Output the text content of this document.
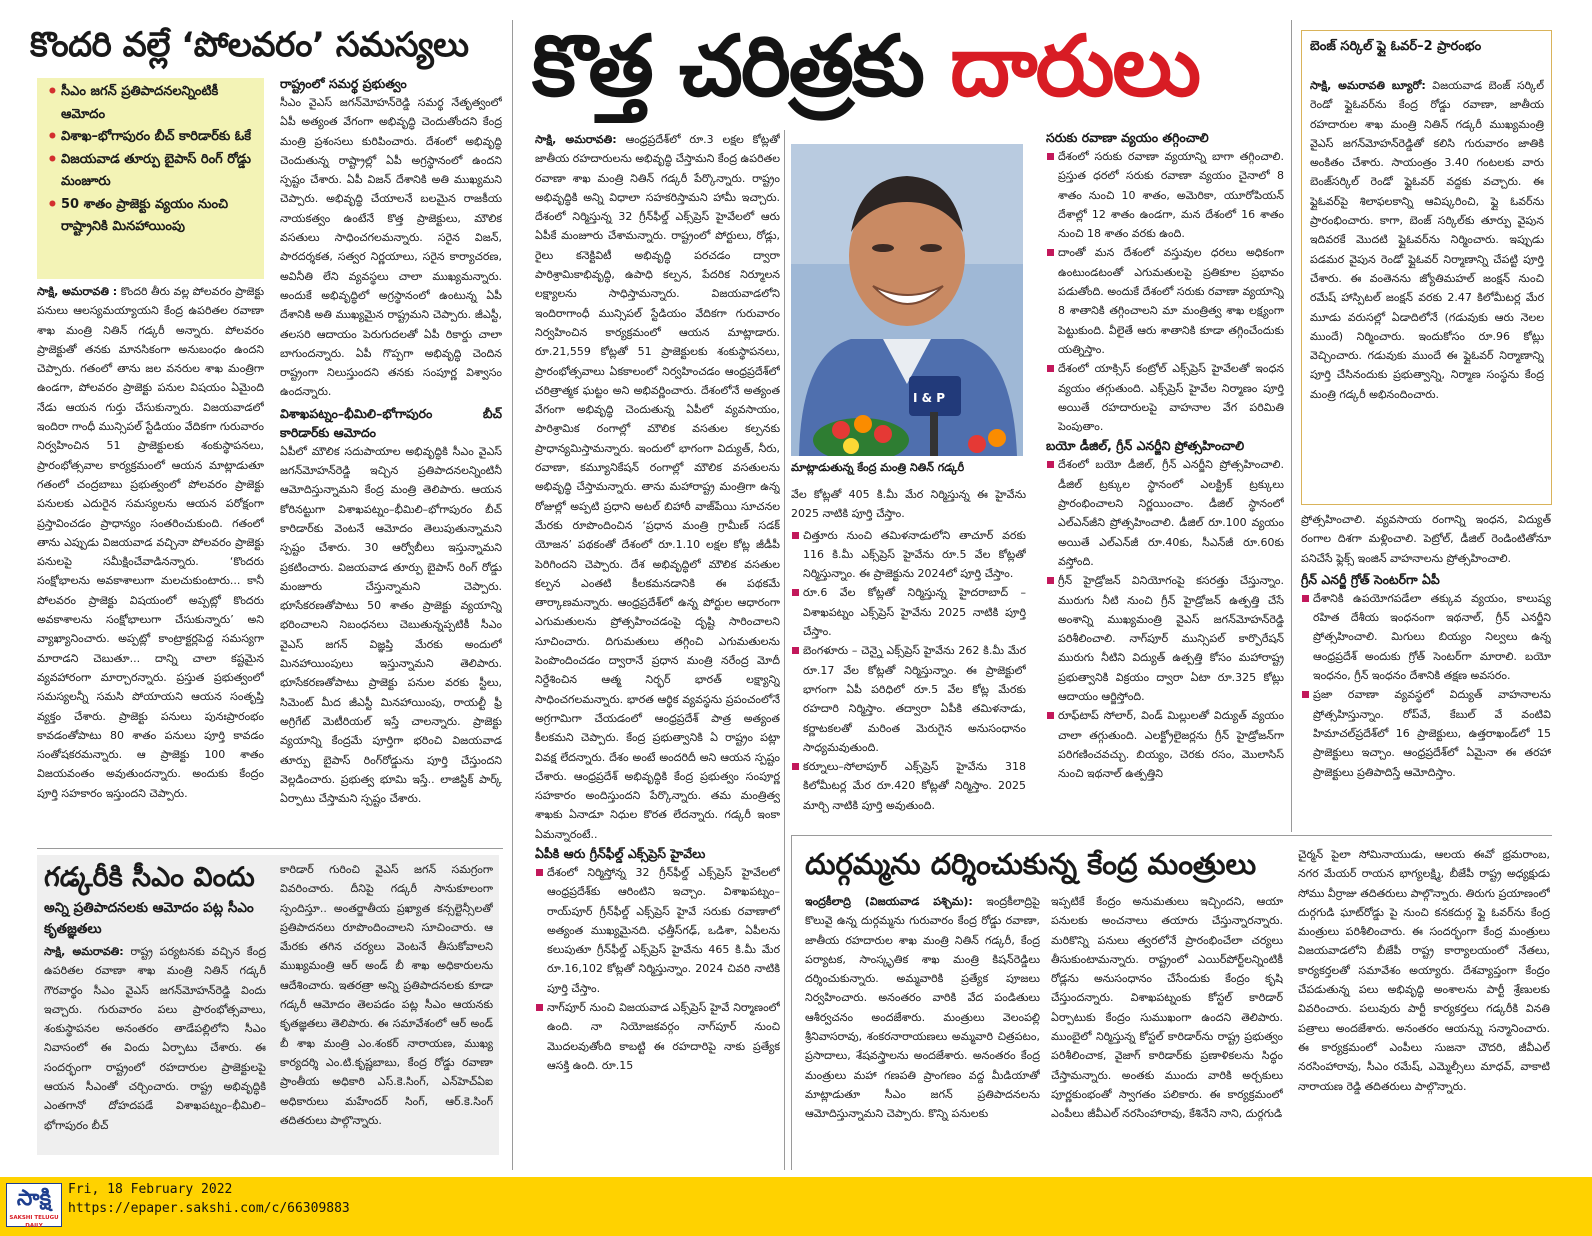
కొందరి వల్లే ‘పోలవరం’ సమస్యలు
• సీఎం జగన్‌ ప్రతిపాదనలన్నింటికీ ఆమోదం
• విశాఖ–భోగాపురం బీచ్‌ కారిడార్‌కు ఓకే
• విజయవాడ తూర్పు బైపాస్‌ రింగ్‌ రోడ్డు మంజూరు
• 50 శాతం ప్రాజెక్టు వ్యయం నుంచి రాష్ట్రానికి మినహాయింపు
సాక్షి, అమరావతి : కొందరి తీరు వల్ల పోలవరం ప్రాజెక్టు పనులు ఆలస్యమయ్యాయని కేంద్ర ఉపరితల రవాణా శాఖ మంత్రి నితిన్‌ గడ్కరీ అన్నారు. పోలవరం ప్రాజెక్టుతో తనకు మానసికంగా అనుబంధం ఉందని చెప్పారు. గతంలో తాను జల వనరుల శాఖ మంత్రిగా ఉండగా, పోలవరం ప్రాజెక్టు పనుల విషయం ఏమైంది నేడు ఆయన గుర్తు చేసుకున్నారు. విజయవాడలో ఇందిరా గాంధీ మున్సిపల్‌ స్టేడియం వేదికగా గురువారం నిర్వహించిన 51 ప్రాజెక్టులకు శంకుస్థాపనలు, ప్రారంభోత్సవాల కార్యక్రమంలో ఆయన మాట్లాడుతూ గతంలో చంద్రబాబు ప్రభుత్వంలో పోలవరం ప్రాజెక్టు పనులకు ఎదురైన సమస్యలను ఆయన పరోక్షంగా ప్రస్తావించడం ప్రాధాన్యం సంతరించుకుంది. గతంలో తాను ఎప్పుడు విజయవాడ వచ్చినా పోలవరం ప్రాజెక్టు పనులపై సమీక్షించేవాడినన్నారు. ‘కొందరు సంక్షోభాలను అవకాశాలుగా మలచుకుంటారు... కానీ పోలవరం ప్రాజెక్టు విషయంలో అప్పట్లో కొందరు అవకాశాలను సంక్షోభాలుగా చేసుకున్నారు’ అని వ్యాఖ్యానించారు. అప్పట్లో కాంట్రాక్టర్లపెద్ద సమస్యగా మారాడని చెబుతూ... దాన్ని చాలా కష్టమైన వ్యవహారంగా మార్చారన్నారు. ప్రస్తుత ప్రభుత్వంలో సమస్యలన్నీ సమసి పోయాయని ఆయన సంతృప్తి వ్యక్తం చేశారు. ప్రాజెక్టు పనులు పునఃప్రారంభం కావడంతోపాటు 80 శాతం పనులు పూర్తి కావడం సంతోషకరమన్నారు. ఆ ప్రాజెక్టు 100 శాతం విజయవంతం అవుతుందన్నారు. అందుకు కేంద్రం పూర్తి సహకారం ఇస్తుందని చెప్పారు.
రాష్ట్రంలో సమర్థ ప్రభుత్వం

సీఎం వైఎస్‌ జగన్‌మోహన్‌రెడ్డి సమర్థ నేతృత్వంలో ఏపీ అత్యంత వేగంగా అభివృద్ధి చెందుతోందని కేంద్ర మంత్రి ప్రశంసలు కురిపించారు. దేశంలో అభివృద్ధి చెందుతున్న రాష్ట్రాల్లో ఏపీ అగ్రస్థానంలో ఉందని స్పష్టం చేశారు. ఏపీ విజన్‌ దేశానికి అతి ముఖ్యమని చెప్పారు. అభివృద్ధి చేయాలనే బలమైన రాజకీయ నాయకత్వం ఉంటేనే కొత్త ప్రాజెక్టులు, మౌలిక వసతులు సాధించగలమన్నారు. సరైన విజన్, పారదర్శకత, సత్వర నిర్ణయాలు, సరైన కార్యాచరణ, అవినీతి లేని వ్యవస్థలు చాలా ముఖ్యమన్నారు. అందుకే అభివృద్ధిలో అగ్రస్థానంలో ఉంటున్న ఏపీ దేశానికి అతి ముఖ్యమైన రాష్ట్రమని చెప్పారు. జీఎస్టీ, తలసరి ఆదాయం పెరుగుదలతో ఏపీ రికార్డు చాలా బాగుందన్నారు. ఏపీ గొప్పగా అభివృద్ధి చెందిన రాష్ట్రంగా నిలుస్తుందని తనకు సంపూర్ణ విశ్వాసం ఉందన్నారు.

విశాఖపట్నం–భీమిలి–భోగాపురం బీచ్‌ కారిడార్‌కు ఆమోదం

ఏపీలో మౌలిక సదుపాయాల అభివృద్ధికి సీఎం వైఎస్‌ జగన్‌మోహన్‌రెడ్డి ఇచ్చిన ప్రతిపాదనలన్నింటినీ ఆమోదిస్తున్నామని కేంద్ర మంత్రి తెలిపారు. ఆయన కోరినట్టుగా విశాఖపట్నం–భీమిలి–భోగాపురం బీచ్‌ కారిడార్‌కు వెంటనే ఆమోదం తెలుపుతున్నామని స్పష్టం చేశారు. 30 ఆర్వోబీలు ఇస్తున్నామని ప్రకటించారు. విజయవాడ తూర్పు బైపాస్‌ రింగ్‌ రోడ్డు మంజూరు చేస్తున్నామని చెప్పారు. భూసేకరణతోపాటు 50 శాతం ప్రాజెక్టు వ్యయాన్ని భరించాలని నిబంధనలు చెబుతున్నప్పటికీ సీఎం వైఎస్‌ జగన్‌ విజ్ఞప్తి మేరకు అందులో మినహాయింపులు ఇస్తున్నామని తెలిపారు. భూసేకరణతోపాటు ప్రాజెక్టు పనుల వరకు స్టీలు, సిమెంట్‌ మీద జీఎస్టీ మినహాయింపు, రాయల్టీ ఫ్రీ అగ్రిగేట్‌ మెటీరియల్‌ ఇస్తే చాలన్నారు. ప్రాజెక్టు వ్యయాన్ని కేంద్రమే పూర్తిగా భరించి విజయవాడ తూర్పు బైపాస్‌ రింగ్‌రోడ్డును పూర్తి చేస్తుందని వెల్లడించారు. ప్రభుత్వ భూమి ఇస్తే.. లాజిస్టిక్‌ పార్క్‌ ఏర్పాటు చేస్తామని స్పష్టం చేశారు.

గడ్కరీకి సీఎం విందు
అన్ని ప్రతిపాదనలకు ఆమోదం పట్ల సీఎం కృతజ్ఞతలు
సాక్షి, అమరావతి: రాష్ట్ర పర్యటనకు వచ్చిన కేంద్ర ఉపరితల రవాణా శాఖ మంత్రి నితిన్‌ గడ్కరీ గౌరవార్థం సీఎం వైఎస్‌ జగన్‌మోహన్‌రెడ్డి విందు ఇచ్చారు. గురువారం పలు ప్రారంభోత్సవాలు, శంకుస్థాపనల అనంతరం తాడేపల్లిలోని సీఎం నివాసంలో ఈ విందు ఏర్పాటు చేశారు. ఈ సందర్భంగా రాష్ట్రంలో రహదారుల ప్రాజెక్టులపై ఆయన సీఎంతో చర్చించారు. రాష్ట్ర అభివృద్ధికి ఎంతగానో దోహదపడే విశాఖపట్నం–భీమిలి–భోగాపురం బీచ్‌

కారిడార్‌ గురించి వైఎస్‌ జగన్‌ సమగ్రంగా వివరించారు. దీనిపై గడ్కరీ సానుకూలంగా స్పందిస్తూ.. అంతర్జాతీయ ప్రఖ్యాత కన్సల్టెన్సీలతో ప్రతిపాదనలు రూపొందించాలని సూచించారు. ఆ మేరకు తగిన చర్యలు వెంటనే తీసుకోవాలని ముఖ్యమంత్రి ఆర్‌ అండ్‌ బీ శాఖ అధికారులను ఆదేశించారు. ఇతరత్రా అన్ని ప్రతిపాదనలకు కూడా గడ్కరీ ఆమోదం తెలపడం పట్ల సీఎం ఆయనకు కృతజ్ఞతలు తెలిపారు. ఈ సమావేశంలో ఆర్‌ అండ్‌ బీ శాఖ మంత్రి ఎం.శంకర్‌ నారాయణ, ముఖ్య కార్యదర్శి ఎం.టి.కృష్ణబాబు, కేంద్ర రోడ్డు రవాణా ప్రాంతీయ అధికారి ఎస్‌.కె.సింగ్, ఎన్‌హెచ్‌ఏఐ అధికారులు మహేందర్‌ సింగ్, ఆర్‌.కె.సింగ్‌ తదితరులు పాల్గొన్నారు.

కొత్త చరిత్రకు దారులు
సాక్షి, అమరావతి: ఆంధ్రప్రదేశ్‌లో రూ.3 లక్షల కోట్లతో జాతీయ రహదారులను అభివృద్ధి చేస్తామని కేంద్ర ఉపరితల రవాణా శాఖ మంత్రి నితిన్‌ గడ్కరీ పేర్కొన్నారు. రాష్ట్రం అభివృద్ధికి అన్ని విధాలా సహకరిస్తామని హామీ ఇచ్చారు. దేశంలో నిర్మిస్తున్న 32 గ్రీన్‌ఫీల్డ్‌ ఎక్స్‌ప్రెస్‌ హైవేలలో ఆరు ఏపీకే మంజూరు చేశామన్నారు. రాష్ట్రంలో పోర్టులు, రోడ్లు, రైలు కనెక్టివిటీ అభివృద్ధి పరచడం ద్వారా పారిశ్రామికాభివృద్ధి, ఉపాధి కల్పన, పేదరిక నిర్మూలన లక్ష్యాలను సాధిస్తామన్నారు. విజయవాడలోని ఇందిరాగాంధీ మున్సిపల్‌ స్టేడియం వేదికగా గురువారం నిర్వహించిన కార్యక్రమంలో ఆయన మాట్లాడారు. రూ.21,559 కోట్లతో 51 ప్రాజెక్టులకు శంకుస్థాపనలు, ప్రారంభోత్సవాలు ఏకకాలంలో నిర్వహించడం ఆంధ్రప్రదేశ్‌లో చరిత్రాత్మక ఘట్టం అని అభివర్ణించారు. దేశంలోనే అత్యంత వేగంగా అభివృద్ధి చెందుతున్న ఏపీలో వ్యవసాయం, పారిశ్రామిక రంగాల్లో మౌలిక వసతుల కల్పనకు ప్రాధాన్యమిస్తామన్నారు. ఇందులో భాగంగా విద్యుత్, నీరు, రవాణా, కమ్యూనికేషన్‌ రంగాల్లో మౌలిక వసతులను అభివృద్ధి చేస్తామన్నారు. తాను మహారాష్ట్ర మంత్రిగా ఉన్న రోజుల్లో అప్పటి ప్రధాని అటల్‌ బిహారీ వాజ్‌పేయి సూచనల మేరకు రూపొందించిన ‘ప్రధాన మంత్రి గ్రామీణ్‌ సడక్‌ యోజన’ పథకంతో దేశంలో రూ.1.10 లక్షల కోట్ల జీడీపీ పెరిగిందని చెప్పారు. దేశ అభివృద్ధిలో మౌలిక వసతుల కల్పన ఎంతటి కీలకమనడానికి ఈ పథకమే తార్కాణమన్నారు. ఆంధ్రప్రదేశ్‌లో ఉన్న పోర్టుల ఆధారంగా ఎగుమతులను ప్రోత్సహించడంపై దృష్టి సారించాలని సూచించారు. దిగుమతులు తగ్గించి ఎగుమతులను పెంపొందించడం ద్వారానే ప్రధాన మంత్రి నరేంద్ర మోదీ నిర్దేశించిన ఆత్మ నిర్భర్‌ భారత్‌ లక్ష్యాన్ని సాధించగలమన్నారు. భారత ఆర్థిక వ్యవస్థను ప్రపంచంలోనే అగ్రగామిగా చేయడంలో ఆంధ్రప్రదేశ్‌ పాత్ర అత్యంత కీలకమని చెప్పారు. కేంద్ర ప్రభుత్వానికి ఏ రాష్ట్రం పట్లా వివక్ష లేదన్నారు. దేశం అంటే అందరిదీ అని ఆయన స్పష్టం చేశారు. ఆంధ్రప్రదేశ్‌ అభివృద్ధికి కేంద్ర ప్రభుత్వం సంపూర్ణ సహకారం అందిస్తుందని పేర్కొన్నారు. తమ మంత్రిత్వ శాఖకు ఏనాడూ నిధుల కొరత లేదన్నారు. గడ్కరీ ఇంకా ఏమన్నారంటే..
ఏపీకి ఆరు గ్రీన్‌ఫీల్డ్‌ ఎక్స్‌ప్రెస్‌ హైవేలు
దేశంలో నిర్మిస్తోన్న 32 గ్రీన్‌ఫీల్డ్‌ ఎక్స్‌ప్రెస్‌ హైవేలలో ఆంధ్రప్రదేశ్‌కు ఆరింటిని ఇచ్చాం. విశాఖపట్నం–రాయ్‌పూర్‌ గ్రీన్‌ఫీల్డ్‌ ఎక్స్‌ప్రెస్‌ హైవే సరుకు రవాణాలో అత్యంత ముఖ్యమైనది. ఛత్తీస్‌గఢ్, ఒడిశా, ఏపీలను కలుపుతూ గ్రీన్‌ఫీల్డ్‌ ఎక్స్‌ప్రెస్‌ హైవేను 465 కి.మీ మేర రూ.16,102 కోట్లతో నిర్మిస్తున్నాం. 2024 చివరి నాటికి పూర్తి చేస్తాం.
నాగ్‌పూర్‌ నుంచి విజయవాడ ఎక్స్‌ప్రెస్‌ హైవే నిర్మాణంలో ఉంది. నా నియోజకవర్గం నాగ్‌పూర్‌ నుంచి మొదలవుతోంది కాబట్టి ఈ రహదారిపై నాకు ప్రత్యేక ఆసక్తి ఉంది. రూ.15
I & P
మాట్లాడుతున్న కేంద్ర మంత్రి నితిన్‌ గడ్కరీ

వేల కోట్లతో 405 కి.మీ మేర నిర్మిస్తున్న ఈ హైవేను 2025 నాటికి పూర్తి చేస్తాం.

చిత్తూరు నుంచి తమిళనాడులోని తాచూర్‌ వరకు 116 కి.మీ ఎక్స్‌ప్రెస్‌ హైవేను రూ.5 వేల కోట్లతో నిర్మిస్తున్నాం. ఈ ప్రాజెక్టును 2024లో పూర్తి చేస్తాం.
రూ.6 వేల కోట్లతో నిర్మిస్తున్న హైదరాబాద్‌ – విశాఖపట్నం ఎక్స్‌ప్రెస్‌ హైవేను 2025 నాటికి పూర్తి చేస్తాం.
బెంగళూరు – చెన్నై ఎక్స్‌ప్రెస్‌ హైవేను 262 కి.మీ మేర రూ.17 వేల కోట్లతో నిర్మిస్తున్నాం. ఈ ప్రాజెక్టులో భాగంగా ఏపీ పరిధిలో రూ.5 వేల కోట్ల మేరకు రహదారి నిర్మిస్తాం. తద్వారా ఏపీకి తమిళనాడు, కర్ణాటకలతో మరింత మెరుగైన అనుసంధానం సాధ్యమవుతుంది.
కర్నూలు–సోలాపూర్‌ ఎక్స్‌ప్రెస్‌ హైవేను 318 కిలోమీటర్ల మేర రూ.420 కోట్లతో నిర్మిస్తాం. 2025 మార్చి నాటికి పూర్తి అవుతుంది.
సరుకు రవాణా వ్యయం తగ్గించాలి
దేశంలో సరుకు రవాణా వ్యయాన్ని బాగా తగ్గించాలి. ప్రస్తుత ధరలో సరుకు రవాణా వ్యయం చైనాలో 8 శాతం నుంచి 10 శాతం, అమెరికా, యూరోపియన్‌ దేశాల్లో 12 శాతం ఉండగా, మన దేశంలో 16 శాతం నుంచి 18 శాతం వరకు ఉంది.
దాంతో మన దేశంలో వస్తువుల ధరలు అధికంగా ఉంటుండటంతో ఎగుమతులపై ప్రతికూల ప్రభావం పడుతోంది. అందుకే దేశంలో సరుకు రవాణా వ్యయాన్ని 8 శాతానికి తగ్గించాలని మా మంత్రిత్వ శాఖ లక్ష్యంగా పెట్టుకుంది. వీలైతే ఆరు శాతానికి కూడా తగ్గించేందుకు యత్నిస్తాం.
దేశంలో యాక్సిస్‌ కంట్రోల్‌ ఎక్స్‌ప్రెస్‌ హైవేలతో ఇంధన వ్యయం తగ్గుతుంది. ఎక్స్‌ప్రెస్‌ హైవేల నిర్మాణం పూర్తి అయితే రహదారులపై వాహనాల వేగ పరిమితి పెంపుతాం.
బయో డీజిల్, గ్రీన్‌ ఎనర్జీని ప్రోత్సహించాలి
దేశంలో బయో డీజిల్, గ్రీన్‌ ఎనర్జీని ప్రోత్సహించాలి. డీజిల్‌ ట్రక్కుల స్థానంలో ఎలక్ట్రిక్‌ ట్రక్కులు ప్రారంభించాలని నిర్ణయించాం. డీజిల్‌ స్థానంలో ఎల్‌ఎన్‌జీని ప్రోత్సహించాలి. డీజిల్‌ రూ.100 వ్యయం అయితే ఎల్‌ఎన్‌జీ రూ.40కు, సీఎన్‌జీ రూ.60కు వస్తోంది.
గ్రీన్‌ హైడ్రోజన్‌ వినియోగంపై కసరత్తు చేస్తున్నాం. మురుగు నీటి నుంచి గ్రీన్‌ హైడ్రోజన్‌ ఉత్పత్తి చేసే అంశాన్ని ముఖ్యమంత్రి వైఎస్‌ జగన్‌మోహన్‌రెడ్డి పరిశీలించాలి. నాగ్‌పూర్‌ మున్సిపల్‌ కార్పొరేషన్‌ మురుగు నీటిని విద్యుత్‌ ఉత్పత్తి కోసం మహారాష్ట్ర ప్రభుత్వానికి విక్రయం ద్వారా ఏటా రూ.325 కోట్లు ఆదాయం ఆర్జిస్తోంది.
రూఫ్‌టాప్‌ సోలార్, విండ్‌ మిల్లులతో విద్యుత్‌ వ్యయం చాలా తగ్గుతుంది. ఎలక్ట్రోలైజర్లను గ్రీన్‌ హైడ్రోజన్‌గా పరిగణించవచ్చు. బియ్యం, చెరకు రసం, మొలాసిస్‌ నుంచి ఇథనాల్‌ ఉత్పత్తిని
బెంజ్‌ సర్కిల్‌ ఫ్లై ఓవర్‌–2 ప్రారంభం
సాక్షి, అమరావతి బ్యూరో: విజయవాడ బెంజ్‌ సర్కిల్‌ రెండో ఫ్లైఓవర్‌ను కేంద్ర రోడ్డు రవాణా, జాతీయ రహదారుల శాఖ మంత్రి నితిన్‌ గడ్కరీ ముఖ్యమంత్రి వైఎస్‌ జగన్‌మోహన్‌రెడ్డితో కలిసి గురువారం జాతికి అంకితం చేశారు. సాయంత్రం 3.40 గంటలకు వారు బెంజ్‌సర్కిల్‌ రెండో ఫ్లైఓవర్‌ వద్దకు వచ్చారు. ఈ ఫ్లైఓవర్‌పై శిలాఫలకాన్ని ఆవిష్కరించి, ఫ్లై ఓవర్‌ను ప్రారంభించారు. కాగా, బెంజ్‌ సర్కిల్‌కు తూర్పు వైపున ఇదివరకే మొదటి ఫ్లైఓవర్‌ను నిర్మించారు. ఇప్పుడు పడమర వైపున రెండో ఫ్లైఓవర్‌ నిర్మాణాన్ని చేపట్టి పూర్తి చేశారు. ఈ వంతెనను జ్యోతిమహల్‌ జంక్షన్‌ నుంచి రమేష్‌ హాస్పిటల్‌ జంక్షన్‌ వరకు 2.47 కిలోమీటర్ల మేర మూడు వరుసల్లో ఏడాదిలోనే (గడువుకు ఆరు నెలల ముందే) నిర్మించారు. ఇందుకోసం రూ.96 కోట్లు వెచ్చించారు. గడువుకు ముందే ఈ ఫ్లైఓవర్‌ నిర్మాణాన్ని పూర్తి చేసినందుకు ప్రభుత్వాన్ని, నిర్మాణ సంస్థను కేంద్ర మంత్రి గడ్కరీ అభినందించారు.

ప్రోత్సహించాలి. వ్యవసాయ రంగాన్ని ఇంధన, విద్యుత్‌ రంగాల దిశగా మళ్లించాలి. పెట్రోల్, డీజిల్‌ రెండింటితోనూ పనిచేసే ఫ్లెక్స్‌ ఇంజిన్‌ వాహనాలను ప్రోత్సహించాలి.

గ్రీన్‌ ఎనర్జీ గ్రోత్‌ సెంటర్‌గా ఏపీ
దేశానికి ఉపయోగపడేలా తక్కువ వ్యయం, కాలుష్య రహిత దేశీయ ఇంధనంగా ఇథనాల్, గ్రీన్‌ ఎనర్జీని ప్రోత్సహించాలి. మిగులు బియ్యం నిల్వలు ఉన్న ఆంధ్రప్రదేశ్‌ అందుకు గ్రోత్‌ సెంటర్‌గా మారాలి. బయో ఇంధనం, గ్రీన్‌ ఇంధనం దేశానికి తక్షణ అవసరం.
ప్రజా రవాణా వ్యవస్థలో విద్యుత్‌ వాహనాలను ప్రోత్సహిస్తున్నాం. రోప్‌వే, కేబుల్‌ వే వంటివి హిమాచల్‌ప్రదేశ్‌లో 16 ప్రాజెక్టులు, ఉత్తరాఖండ్‌లో 15 ప్రాజెక్టులు ఇచ్చాం. ఆంధ్రప్రదేశ్‌లో ఏమైనా ఈ తరహా ప్రాజెక్టులు ప్రతిపాదిస్తే ఆమోదిస్తాం.
దుర్గమ్మను దర్శించుకున్న కేంద్ర మంత్రులు
ఇంద్రకీలాద్రి (విజయవాడ పశ్చిమ): ఇంద్రకీలాద్రిపై కొలువై ఉన్న దుర్గమ్మను గురువారం కేంద్ర రోడ్డు రవాణా, జాతీయ రహదారుల శాఖ మంత్రి నితిన్‌ గడ్కరీ, కేంద్ర పర్యాటక, సాంస్కృతిక శాఖ మంత్రి కిషన్‌రెడ్డిలు దర్శించుకున్నారు. అమ్మవారికి ప్రత్యేక పూజలు నిర్వహించారు. అనంతరం వారికి వేద పండితులు ఆశీర్వచనం అందజేశారు. మంత్రులు వెలంపల్లి శ్రీనివాసరావు, శంకరనారాయణలు అమ్మవారి చిత్రపటం, ప్రసాదాలు, శేషవస్త్రాలను అందజేశారు. అనంతరం కేంద్ర మంత్రులు మహా గణపతి ప్రాంగణం వద్ద మీడియాతో మాట్లాడుతూ సీఎం జగన్‌ ప్రతిపాదనలను ఆమోదిస్తున్నామని చెప్పారు. కొన్ని పనులకు

ఇప్పటికే కేంద్రం అనుమతులు ఇచ్చిందని, ఆయా పనులకు అంచనాలు తయారు చేస్తున్నారన్నారు. మరికొన్ని పనులు త్వరలోనే ప్రారంభించేలా చర్యలు తీసుకుంటామన్నారు. రాష్ట్రంలో ఎయిర్‌పోర్ట్‌లన్నింటికీ రోడ్లను అనుసంధానం చేసేందుకు కేంద్రం కృషి చేస్తుందన్నారు. విశాఖపట్నంకు కోస్టల్‌ కారిడార్‌ ఏర్పాటుకు కేంద్రం సుముఖంగా ఉందని తెలిపారు. ముంబైలో నిర్మిస్తున్న కోస్టల్‌ కారిడార్‌ను రాష్ట్ర ప్రభుత్వం పరిశీలించాక, వైజాగ్‌ కారిడార్‌కు ప్రణాళికలను సిద్ధం చేస్తామన్నారు. అంతకు ముందు వారికి అర్చకులు పూర్ణకుంభంతో స్వాగతం పలికారు. ఈ కార్యక్రమంలో ఎంపీలు జీవీఎల్‌ నరసింహారావు, కేశినేని నాని, దుర్గగుడి

చైర్మన్‌ పైలా సోమినాయుడు, ఆలయ ఈవో భ్రమరాంబ, నగర మేయర్‌ రాయన భాగ్యలక్ష్మి, బీజేపీ రాష్ట్ర అధ్యక్షుడు సోము వీర్రాజు తదితరులు పాల్గొన్నారు. తిరుగు ప్రయాణంలో దుర్గగుడి ఘాట్‌రోడ్డు పై నుంచి కనకదుర్గ ఫ్లై ఓవర్‌ను కేంద్ర మంత్రులు పరిశీలించారు. ఈ సందర్భంగా కేంద్ర మంత్రులు విజయవాడలోని బీజేపీ రాష్ట్ర కార్యాలయంలో నేతలు, కార్యకర్తలతో సమావేశం అయ్యారు. దేశవ్యాప్తంగా కేంద్రం చేపడుతున్న పలు అభివృద్ధి అంశాలను పార్టీ శ్రేణులకు వివరించారు. పలువురు పార్టీ కార్యకర్తలు గడ్కరీకి వినతి పత్రాలు అందజేశారు. అనంతరం ఆయన్ను సన్మానించారు. ఈ కార్యక్రమంలో ఎంపీలు సుజనా చౌదరి, జీవీఎల్‌ నరసింహారావు, సీఎం రమేష్, ఎమ్మెల్సీలు మాధవ్, వాకాటి నారాయణ రెడ్డి తదితరులు పాల్గొన్నారు.

సాక్షి
SAKSHI TELUGU DAILY
Fri, 18 February 2022
https://epaper.sakshi.com/c/66309883
